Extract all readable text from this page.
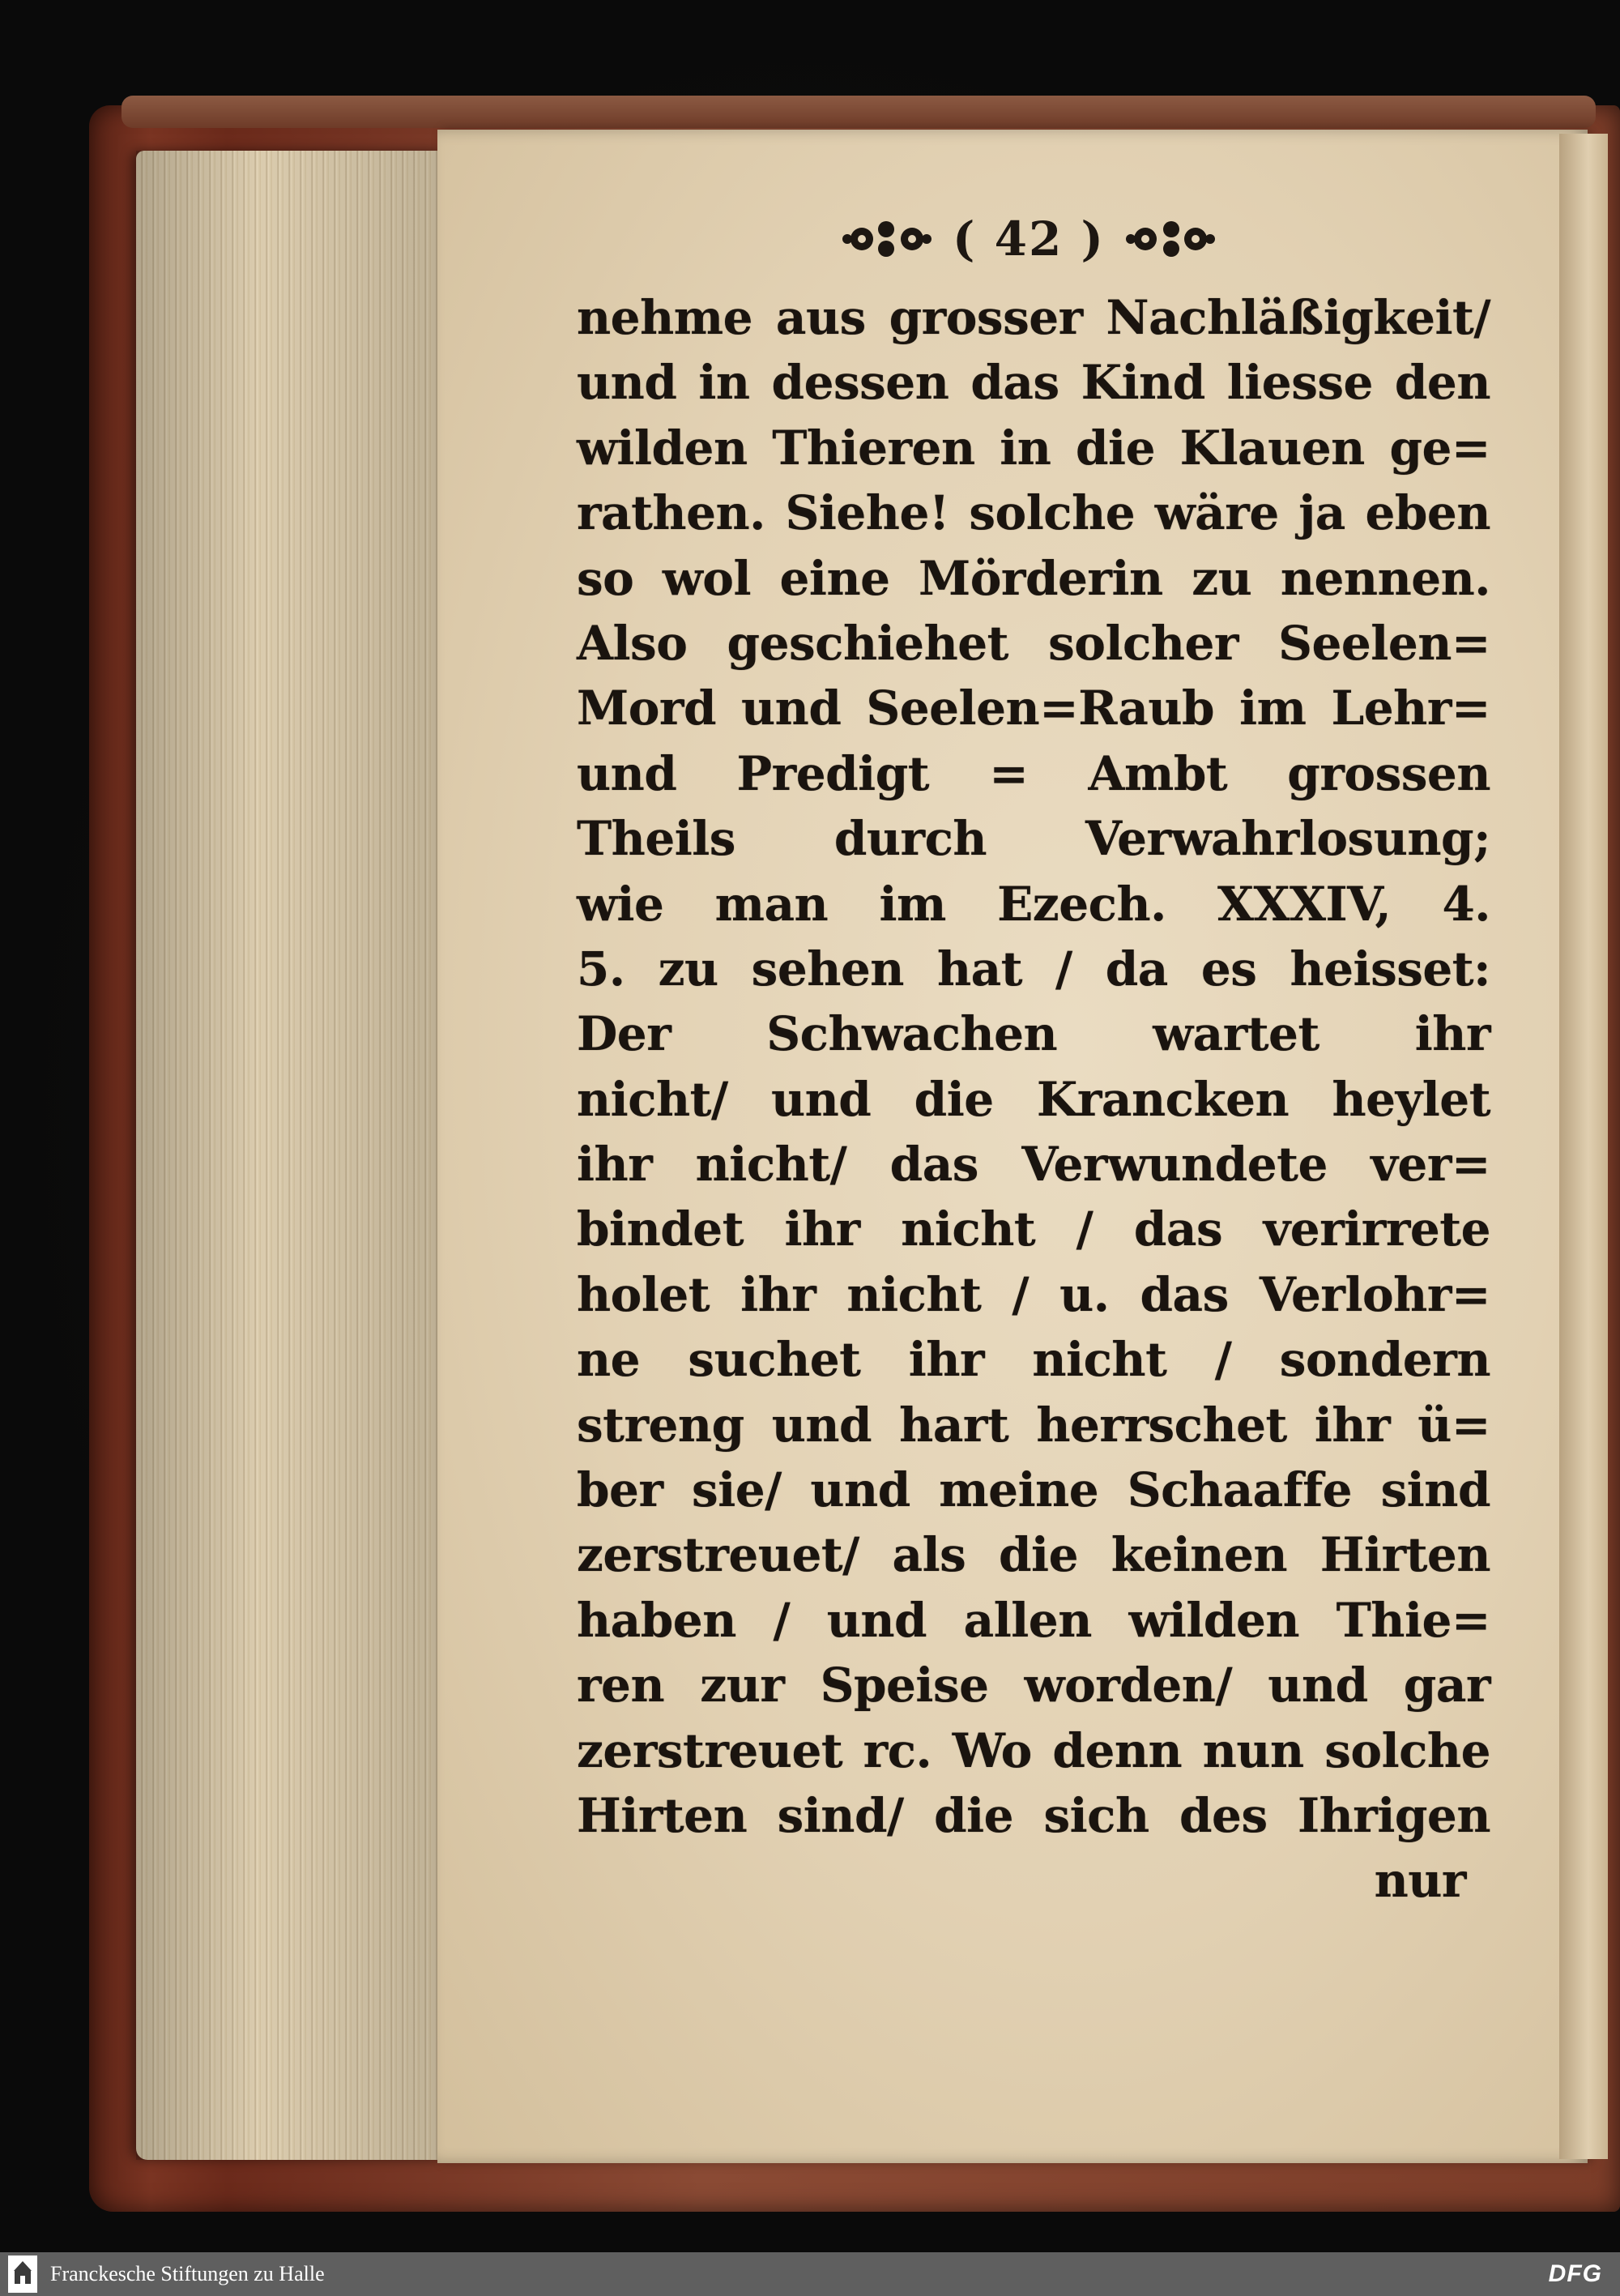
( 42 )
nehme aus grosser Nachläßigkeit/
und in dessen das Kind liesse den
wilden Thieren in die Klauen ge=
rathen. Siehe! solche wäre ja eben
so wol eine Mörderin zu nennen.
Also geschiehet solcher Seelen=
Mord und Seelen=Raub im Lehr=
und Predigt = Ambt grossen
Theils durch Verwahrlosung;
wie man im Ezech. XXXIV, 4.
5. zu sehen hat / da es heisset:
Der Schwachen wartet ihr
nicht/ und die Krancken heylet
ihr nicht/ das Verwundete ver=
bindet ihr nicht / das verirrete
holet ihr nicht / u. das Verlohr=
ne suchet ihr nicht / sondern
streng und hart herrschet ihr ü=
ber sie/ und meine Schaaffe sind
zerstreuet/ als die keinen Hirten
haben / und allen wilden Thie=
ren zur Speise worden/ und gar
zerstreuet rc. Wo denn nun solche
Hirten sind/ die sich des Ihrigen
nur
Franckesche Stiftungen zu Halle	DFG
